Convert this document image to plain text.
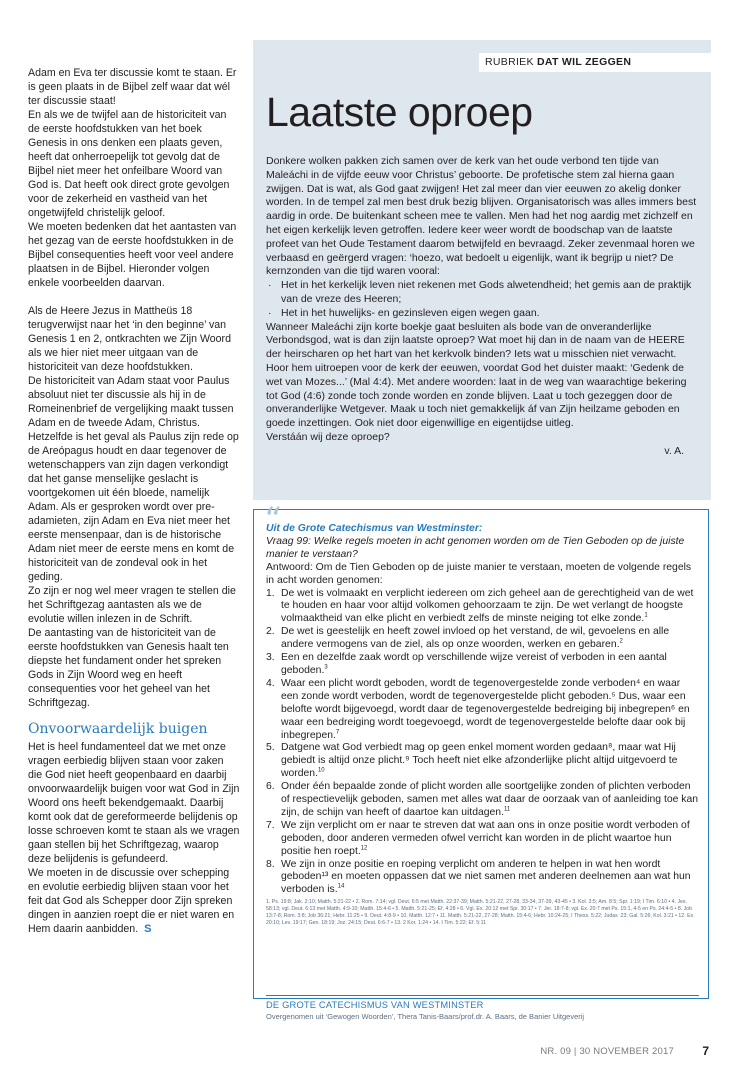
Adam en Eva ter discussie komt te staan. Er is geen plaats in de Bijbel zelf waar dat wél ter discussie staat!

En als we de twijfel aan de historiciteit van de eerste hoofdstukken van het boek Genesis in ons denken een plaats geven, heeft dat onherroepelijk tot gevolg dat de Bijbel niet meer het onfeilbare Woord van God is. Dat heeft ook direct grote gevolgen voor de zekerheid en vastheid van het ongetwijfeld christelijk geloof.

We moeten bedenken dat het aantasten van het gezag van de eerste hoofdstukken in de Bijbel consequenties heeft voor veel andere plaatsen in de Bijbel. Hieronder volgen enkele voorbeelden daarvan.

Als de Heere Jezus in Mattheüs 18 terugverwijst naar het ‘in den beginne’ van Genesis 1 en 2, ontkrachten we Zijn Woord als we hier niet meer uitgaan van de historiciteit van deze hoofdstukken.

De historiciteit van Adam staat voor Paulus absoluut niet ter discussie als hij in de Romeinenbrief de vergelijking maakt tussen Adam en de tweede Adam, Christus. Hetzelfde is het geval als Paulus zijn rede op de Areópagus houdt en daar tegenover de wetenschappers van zijn dagen verkondigt dat het ganse menselijke geslacht is voortgekomen uit één bloede, namelijk Adam. Als er gesproken wordt over pre-adamieten, zijn Adam en Eva niet meer het eerste mensenpaar, dan is de historische Adam niet meer de eerste mens en komt de historiciteit van de zondeval ook in het geding.

Zo zijn er nog wel meer vragen te stellen die het Schriftgezag aantasten als we de evolutie willen inlezen in de Schrift.

De aantasting van de historiciteit van de eerste hoofdstukken van Genesis haalt ten diepste het fundament onder het spreken Gods in Zijn Woord weg en heeft consequenties voor het geheel van het Schriftgezag.

Onvoorwaardelijk buigen

Het is heel fundamenteel dat we met onze vragen eerbiedig blijven staan voor zaken die God niet heeft geopenbaard en daarbij onvoorwaardelijk buigen voor wat God in Zijn Woord ons heeft bekendgemaakt. Daarbij komt ook dat de gereformeerde belijdenis op losse schroeven komt te staan als we vragen gaan stellen bij het Schriftgezag, waarop deze belijdenis is gefundeerd.

We moeten in de discussie over schepping en evolutie eerbiedig blijven staan voor het feit dat God als Schepper door Zijn spreken dingen in aanzien roept die er niet waren en Hem daarin aanbidden. S

RUBRIEK DAT WIL ZEGGEN
Laatste oproep

Donkere wolken pakken zich samen over de kerk van het oude verbond ten tijde van Maleáchi in de vijfde eeuw voor Christus’ geboorte. De profetische stem zal hierna gaan zwijgen. Dat is wat, als God gaat zwijgen! Het zal meer dan vier eeuwen zo akelig donker worden. In de tempel zal men best druk bezig blijven. Organisatorisch was alles immers best aardig in orde. De buitenkant scheen mee te vallen. Men had het nog aardig met zichzelf en het eigen kerkelijk leven getroffen. Iedere keer weer wordt de boodschap van de laatste profeet van het Oude Testament daarom betwijfeld en bevraagd. Zeker zevenmaal horen we verbaasd en geërgerd vragen: ‘hoezo, wat bedoelt u eigenlijk, want ik begrijp u niet? De kernzonden van die tijd waren vooral:

· Het in het kerkelijk leven niet rekenen met Gods alwetendheid; het gemis aan de praktijk van de vreze des Heeren;
· Het in het huwelijks- en gezinsleven eigen wegen gaan.

Wanneer Maleáchi zijn korte boekje gaat besluiten als bode van de onveranderlijke Verbondsgod, wat is dan zijn laatste oproep? Wat moet hij dan in de naam van de HEERE der heirscharen op het hart van het kerkvolk binden? Iets wat u misschien niet verwacht. Hoor hem uitroepen voor de kerk der eeuwen, voordat God het duister maakt: ‘Gedenk de wet van Mozes...’ (Mal 4:4). Met andere woorden: laat in de weg van waarachtige bekering tot God (4:6) zonde toch zonde worden en zonde blijven. Laat u toch gezeggen door de onveranderlijke Wetgever. Maak u toch niet gemakkelijk áf van Zijn heilzame geboden en goede inzettingen. Ook niet door eigenwillige en eigentijdse uitleg.

Verstáán wij deze oproep?

v. A.

“

Uit de Grote Catechismus van Westminster:

Vraag 99: Welke regels moeten in acht genomen worden om de Tien Geboden op de juiste manier te verstaan?

Antwoord: Om de Tien Geboden op de juiste manier te verstaan, moeten de volgende regels in acht worden genomen:

1. De wet is volmaakt en verplicht iedereen om zich geheel aan de gerechtigheid van de wet te houden en haar voor altijd volkomen gehoorzaam te zijn. De wet verlangt de hoogste volmaaktheid van elke plicht en verbiedt zelfs de minste neiging tot elke zonde.$^1$
2. De wet is geestelijk en heeft zowel invloed op het verstand, de wil, gevoelens en alle andere vermogens van de ziel, als op onze woorden, werken en gebaren.$^2$
3. Een en dezelfde zaak wordt op verschillende wijze vereist of verboden in een aantal geboden.$^3$
4. Waar een plicht wordt geboden, wordt de tegenovergestelde zonde verboden⁴ en waar een zonde wordt verboden, wordt de tegenovergestelde plicht geboden.⁵ Dus, waar een belofte wordt bijgevoegd, wordt daar de tegenovergestelde bedreiging bij inbegrepen⁶ en waar een bedreiging wordt toegevoegd, wordt de tegenovergestelde belofte daar ook bij inbegrepen.$^7$
5. Datgene wat God verbiedt mag op geen enkel moment worden gedaan⁸, maar wat Hij gebiedt is altijd onze plicht.⁹ Toch heeft niet elke afzonderlijke plicht altijd uitgevoerd te worden.$^{10}$
6. Onder één bepaalde zonde of plicht worden alle soortgelijke zonden of plichten verboden of respectievelijk geboden, samen met alles wat daar de oorzaak van of aanleiding toe kan zijn, de schijn van heeft of daartoe kan uitdagen.$^{11}$
7. We zijn verplicht om er naar te streven dat wat aan ons in onze positie wordt verboden of geboden, door anderen vermeden ofwel verricht kan worden in de plicht waartoe hun positie hen roept.$^{12}$
8. We zijn in onze positie en roeping verplicht om anderen te helpen in wat hen wordt geboden¹³ en moeten oppassen dat we niet samen met anderen deelnemen aan wat hun verboden is.$^{14}$

1. Ps. 19:8; Jak. 2:10; Matth. 5:21-22 • 2. Rom. 7:14; vgl. Deut. 6:5 met Matth. 22:37-39; Matth. 5:21-22, 27-28, 33-34, 37-39, 43-45 • 3. Kol. 3:5; Am. 8:5; Spr. 1:19; I Tim. 6:10 • 4. Jes. 58:13; vgl. Deut. 6:13 met Matth. 4:9-10; Matth. 15:4-6 • 5. Matth. 5:21-25; Ef. 4:28 • 6. Vgl. Ex. 20:12 met Spr. 30:17 • 7. Jer. 18:7-8; vgl. Ex. 20:7 met Ps. 15:1, 4-5 en Ps. 24:4-5 • 8. Job 13:7-8; Rom. 3:8; Job 36:21; Hebr. 11:25 • 9. Deut. 4:8-9 • 10. Matth. 12:7 • 11. Matth. 5:21-22, 27-28; Matth. 15:4-6; Hebr. 10:24-25; I Thess. 5:22; Judas :23; Gal. 5:26; Kol. 3:21 • 12. Ex. 20:10; Lev. 19:17; Gen. 18:19; Joz. 24:15; Deut. 6:6-7 • 13. 2 Kor. 1:24 • 14. I Tim. 5:22; Ef. 5:11

DE GROTE CATECHISMUS VAN WESTMINSTER
Overgenomen uit ‘Gewogen Woorden’, Thera Tanis-Baars/prof.dr. A. Baars, de Banier Uitgeverij
NR. 09 | 30 NOVEMBER 2017 7
